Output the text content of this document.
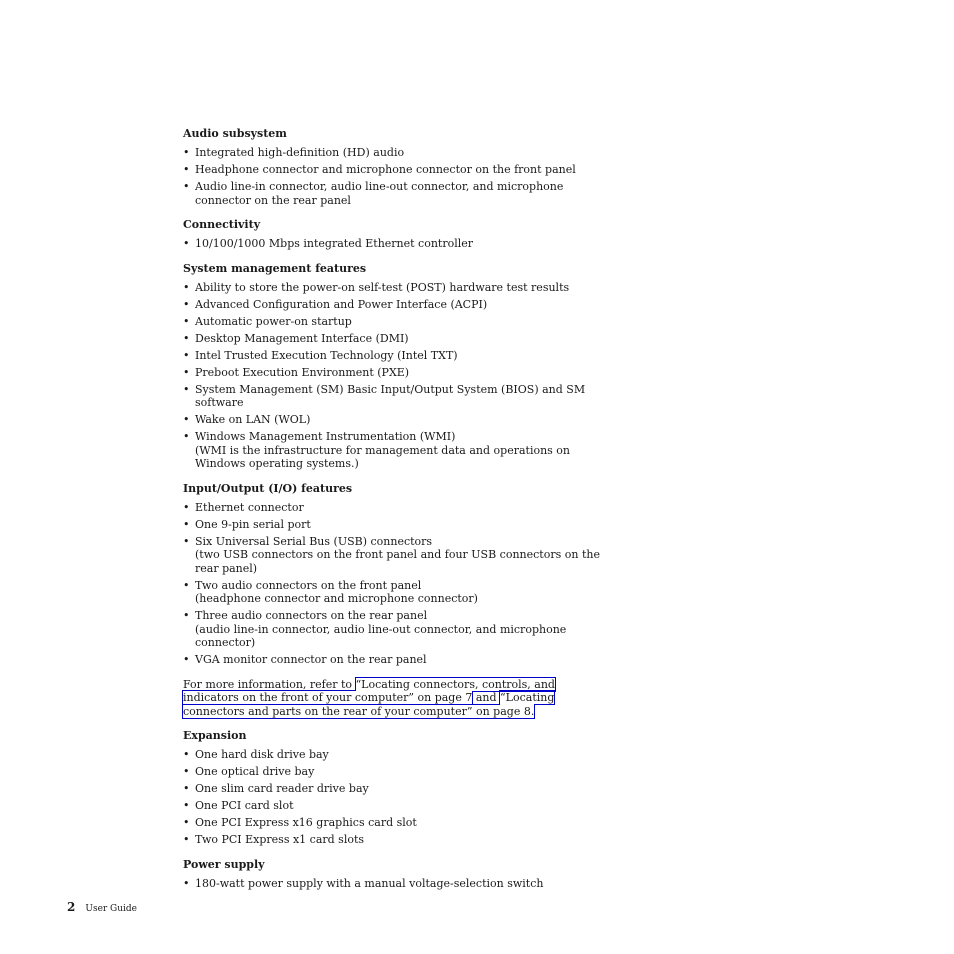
Audio subsystem
• Integrated high-definition (HD) audio
• Headphone connector and microphone connector on the front panel
• Audio line-in connector, audio line-out connector, and microphone connector on the rear panel
Connectivity
• 10/100/1000 Mbps integrated Ethernet controller
System management features
• Ability to store the power-on self-test (POST) hardware test results
• Advanced Configuration and Power Interface (ACPI)
• Automatic power-on startup
• Desktop Management Interface (DMI)
• Intel Trusted Execution Technology (Intel TXT)
• Preboot Execution Environment (PXE)
• System Management (SM) Basic Input/Output System (BIOS) and SM software
• Wake on LAN (WOL)
• Windows Management Instrumentation (WMI)
(WMI is the infrastructure for management data and operations on Windows operating systems.)
Input/Output (I/O) features
• Ethernet connector
• One 9-pin serial port
• Six Universal Serial Bus (USB) connectors
(two USB connectors on the front panel and four USB connectors on the rear panel)
• Two audio connectors on the front panel
(headphone connector and microphone connector)
• Three audio connectors on the rear panel
(audio line-in connector, audio line-out connector, and microphone connector)
• VGA monitor connector on the rear panel

For more information, refer to “Locating connectors, controls, and indicators on the front of your computer” on page 7 and “Locating connectors and parts on the rear of your computer” on page 8.

Expansion
• One hard disk drive bay
• One optical drive bay
• One slim card reader drive bay
• One PCI card slot
• One PCI Express x16 graphics card slot
• Two PCI Express x1 card slots
Power supply
• 180-watt power supply with a manual voltage-selection switch
2 User Guide
